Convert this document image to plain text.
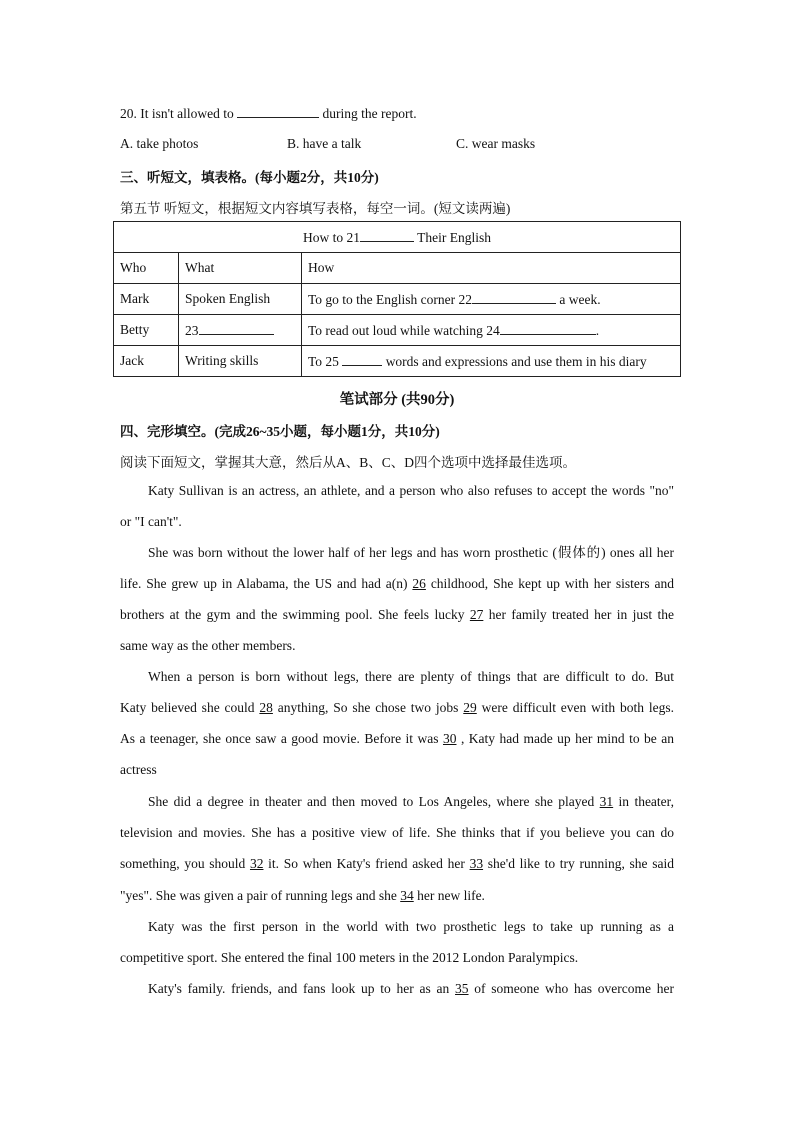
20. It isn't allowed to	during the report.
A. take photos	B. have a talk	C. wear masks
三、听短文，填表格。(每小题2分，共10分)
第五节 听短文，根据短文内容填写表格，每空一词。(短文读两遍)
How to 21 Their English		
Who	What	How
Mark	Spoken English	To go to the English corner 22 a week.
Betty	23	To read out loud while watching 24 .
Jack	Writing skills	To 25 words and expressions and use them in his diary
笔试部分 (共90分)
四、完形填空。(完成26~35小题，每小题1分，共10分)
阅读下面短文，掌握其大意，然后从A、B、C、D四个选项中选择最佳选项。
Katy Sullivan is an actress, an athlete, and a person who also refuses to accept the words "no"
or "I can't".
She was born without the lower half of her legs and has worn prosthetic (假体的) ones all her
life. She grew up in Alabama, the US and had a(n) 26 childhood, She kept up with her sisters and
brothers at the gym and the swimming pool. She feels lucky 27 her family treated her in just the
same way as the other members.
When a person is born without legs, there are plenty of things that are difficult to do. But
Katy believed she could 28 anything, So she chose two jobs 29 were difficult even with both legs.
As a teenager, she once saw a good movie. Before it was 30 , Katy had made up her mind to be an
actress
She did a degree in theater and then moved to Los Angeles, where she played 31 in theater,
television and movies. She has a positive view of life. She thinks that if you believe you can do
something, you should 32 it. So when Katy's friend asked her 33 she'd like to try running, she said
"yes". She was given a pair of running legs and she 34 her new life.
Katy was the first person in the world with two prosthetic legs to take up running as a
competitive sport. She entered the final 100 meters in the 2012 London Paralympics.
Katy's family. friends, and fans look up to her as an 35 of someone who has overcome her
